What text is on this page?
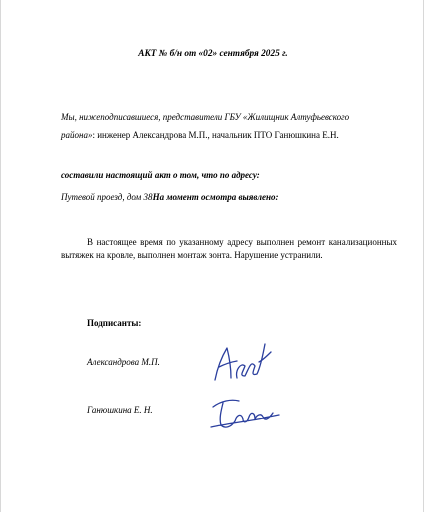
АКТ № б/н от «02» сентября 2025 г.
Мы, нижеподписавшиеся, представители ГБУ «Жилищник Алтуфьевского
района»: инженер Александрова М.П., начальник ПТО Ганюшкина Е.Н.
составили настоящий акт о том, что по адресу:
Путевой проезд, дом 38На момент осмотра выявлено:
В настоящее время по указанному адресу выполнен ремонт канализационных вытяжек на кровле, выполнен монтаж зонта. Нарушение устранили.
Подписанты:
Александрова М.П.
Ганюшкина Е. Н.
